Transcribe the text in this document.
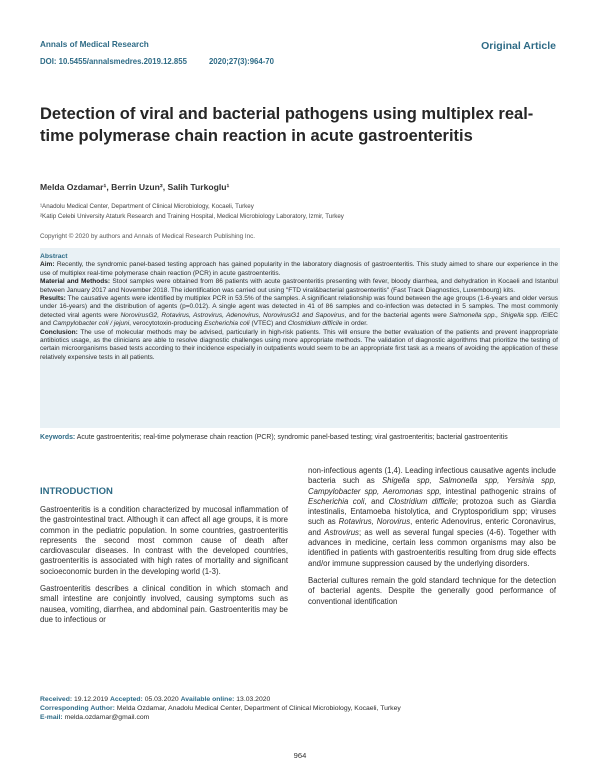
Annals of Medical Research
DOI: 10.5455/annalsmedres.2019.12.855	2020;27(3):964-70
Original Article
Detection of viral and bacterial pathogens using multiplex real-time polymerase chain reaction in acute gastroenteritis
Melda Ozdamar¹, Berrin Uzun², Salih Turkoglu¹
¹Anadolu Medical Center, Department of Clinical Microbiology, Kocaeli, Turkey
²Katip Celebi University Ataturk Research and Training Hospital, Medical Microbiology Laboratory, Izmir, Turkey
Copyright © 2020 by authors and Annals of Medical Research Publishing Inc.
Abstract
Aim: Recently, the syndromic panel-based testing approach has gained popularity in the laboratory diagnosis of gastroenteritis. This study aimed to share our experience in the use of multiplex real-time polymerase chain reaction (PCR) in acute gastroenteritis.
Material and Methods: Stool samples were obtained from 86 patients with acute gastroenteritis presenting with fever, bloody diarrhea, and dehydration in Kocaeli and Istanbul between January 2017 and November 2018. The identification was carried out using "FTD viral&bacterial gastroenteritis" (Fast Track Diagnostics, Luxembourg) kits.
Results: The causative agents were identified by multiplex PCR in 53.5% of the samples. A significant relationship was found between the age groups (1-6-years and older versus under 16-years) and the distribution of agents (p=0.012). A single agent was detected in 41 of 86 samples and co-infection was detected in 5 samples. The most commonly detected viral agents were NorovirusG2, Rotavirus, Astrovirus, Adenovirus, NorovirusG1 and Sapovirus, and for the bacterial agents were Salmonella spp., Shigella spp. /EIEC and Campylobacter coli / jejuni, verocytotoxin-producing Escherichia coli (VTEC) and Clostridium difficile in order.
Conclusion: The use of molecular methods may be advised, particularly in high-risk patients. This will ensure the better evaluation of the patients and prevent inappropriate antibiotics usage, as the clinicians are able to resolve diagnostic challenges using more appropriate methods. The validation of diagnostic algorithms that prioritize the testing of certain microorganisms based tests according to their incidence especially in outpatients would seem to be an appropriate first task as a means of avoiding the application of these relatively expensive tests in all patients.
Keywords: Acute gastroenteritis; real-time polymerase chain reaction (PCR); syndromic panel-based testing; viral gastroenteritis; bacterial gastroenteritis
INTRODUCTION

Gastroenteritis is a condition characterized by mucosal inflammation of the gastrointestinal tract. Although it can affect all age groups, it is more common in the pediatric population. In some countries, gastroenteritis represents the second most common cause of death after cardiovascular diseases. In contrast with the developed countries, gastroenteritis is associated with high rates of mortality and significant socioeconomic burden in the developing world (1-3).

Gastroenteritis describes a clinical condition in which stomach and small intestine are conjointly involved, causing symptoms such as nausea, vomiting, diarrhea, and abdominal pain. Gastroenteritis may be due to infectious or

non-infectious agents (1,4). Leading infectious causative agents include bacteria such as Shigella spp, Salmonella spp, Yersinia spp, Campylobacter spp, Aeromonas spp, intestinal pathogenic strains of Escherichia coli, and Clostridium difficile; protozoa such as Giardia intestinalis, Entamoeba histolytica, and Cryptosporidium spp; viruses such as Rotavirus, Norovirus, enteric Adenovirus, enteric Coronavirus, and Astrovirus; as well as several fungal species (4-6). Together with advances in medicine, certain less common organisms may also be identified in patients with gastroenteritis resulting from drug side effects and/or immune suppression caused by the underlying disorders.

Bacterial cultures remain the gold standard technique for the detection of bacterial agents. Despite the generally good performance of conventional identification

Received: 19.12.2019 Accepted: 05.03.2020 Available online: 13.03.2020
Corresponding Author: Melda Ozdamar, Anadolu Medical Center, Department of Clinical Microbiology, Kocaeli, Turkey
E-mail: melda.ozdamar@gmail.com
964
